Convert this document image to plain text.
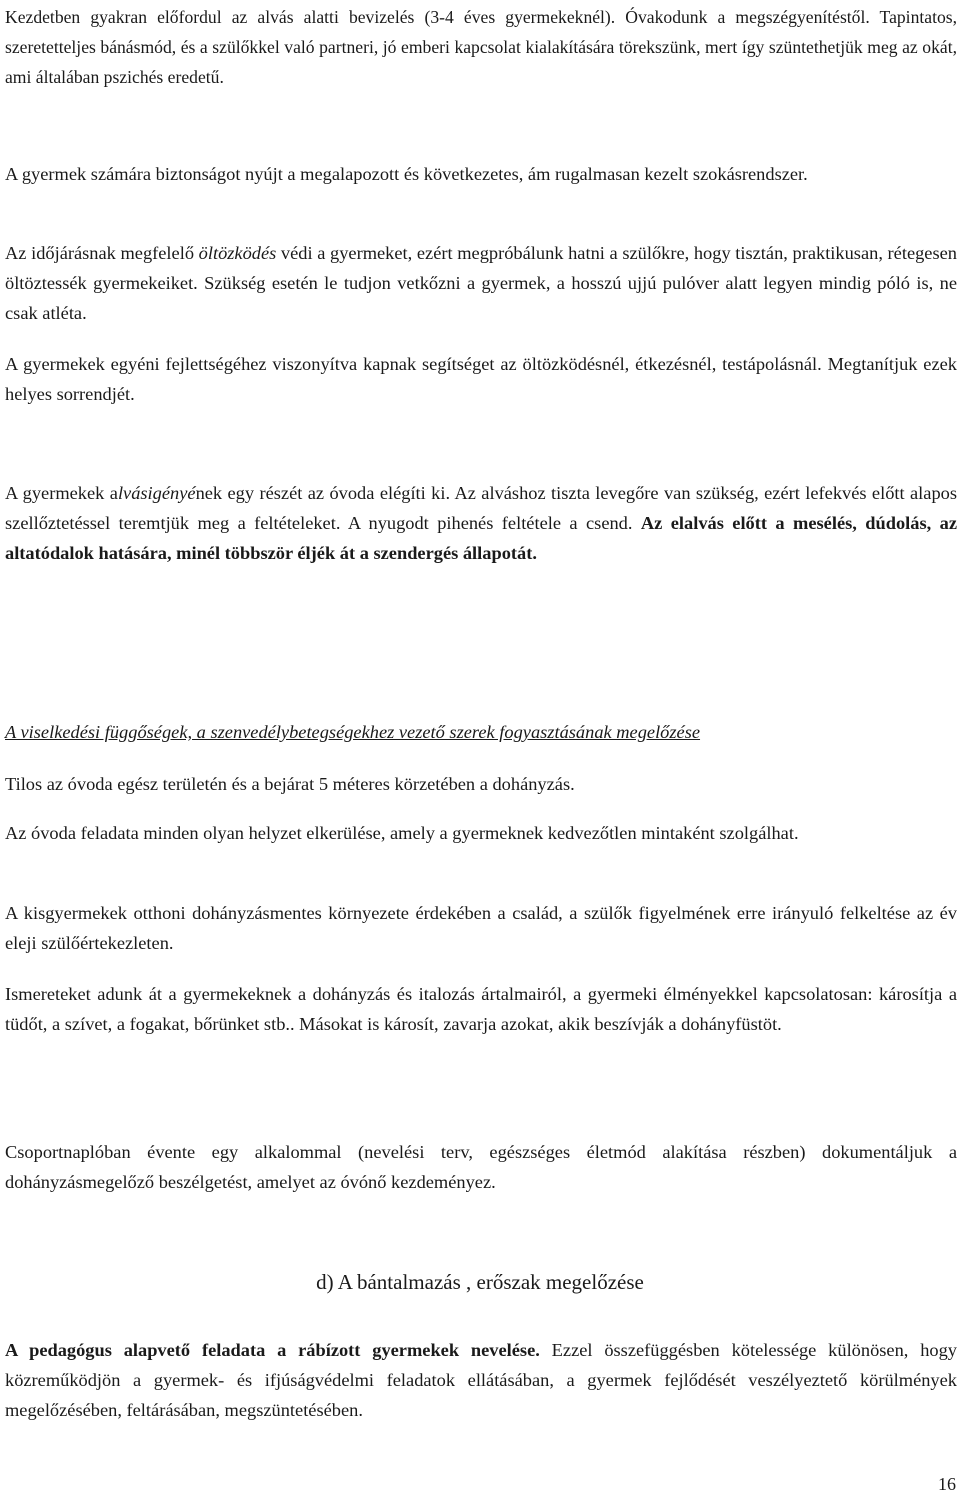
Kezdetben gyakran előfordul az alvás alatti bevizelés (3-4 éves gyermekeknél). Óvakodunk a megszégyenítéstől. Tapintatos, szeretetteljes bánásmód, és a szülőkkel való partneri, jó emberi kapcsolat kialakítására törekszünk, mert így szüntethetjük meg az okát, ami általában pszichés eredetű.

A gyermek számára biztonságot nyújt a megalapozott és következetes, ám rugalmasan kezelt szokásrendszer.

Az időjárásnak megfelelő öltözködés védi a gyermeket, ezért megpróbálunk hatni a szülőkre, hogy tisztán, praktikusan, rétegesen öltöztessék gyermekeiket. Szükség esetén le tudjon vetkőzni a gyermek, a hosszú ujjú pulóver alatt legyen mindig póló is, ne csak atléta.

A gyermekek egyéni fejlettségéhez viszonyítva kapnak segítséget az öltözködésnél, étkezésnél, testápolásnál. Megtanítjuk ezek helyes sorrendjét.

A gyermekek alvásigényének egy részét az óvoda elégíti ki. Az alváshoz tiszta levegőre van szükség, ezért lefekvés előtt alapos szellőztetéssel teremtjük meg a feltételeket. A nyugodt pihenés feltétele a csend. Az elalvás előtt a mesélés, dúdolás, az altatódalok hatására, minél többször éljék át a szendergés állapotát.

A viselkedési függőségek, a szenvedélybetegségekhez vezető szerek fogyasztásának megelőzése

Tilos az óvoda egész területén és a bejárat 5 méteres körzetében a dohányzás.

Az óvoda feladata minden olyan helyzet elkerülése, amely a gyermeknek kedvezőtlen mintaként szolgálhat.

A kisgyermekek otthoni dohányzásmentes környezete érdekében a család, a szülők figyelmének erre irányuló felkeltése az év eleji szülőértekezleten.

Ismereteket adunk át a gyermekeknek a dohányzás és italozás ártalmairól, a gyermeki élményekkel kapcsolatosan: károsítja a tüdőt, a szívet, a fogakat, bőrünket stb.. Másokat is károsít, zavarja azokat, akik beszívják a dohányfüstöt.

Csoportnaplóban évente egy alkalommal (nevelési terv, egészséges életmód alakítása részben) dokumentáljuk a dohányzásmegelőző beszélgetést, amelyet az óvónő kezdeményez.

d) A bántalmazás , erőszak megelőzése

A pedagógus alapvető feladata a rábízott gyermekek nevelése. Ezzel összefüggésben kötelessége különösen, hogy közreműködjön a gyermek- és ifjúságvédelmi feladatok ellátásában, a gyermek fejlődését veszélyeztető körülmények megelőzésében, feltárásában, megszüntetésében.

16
